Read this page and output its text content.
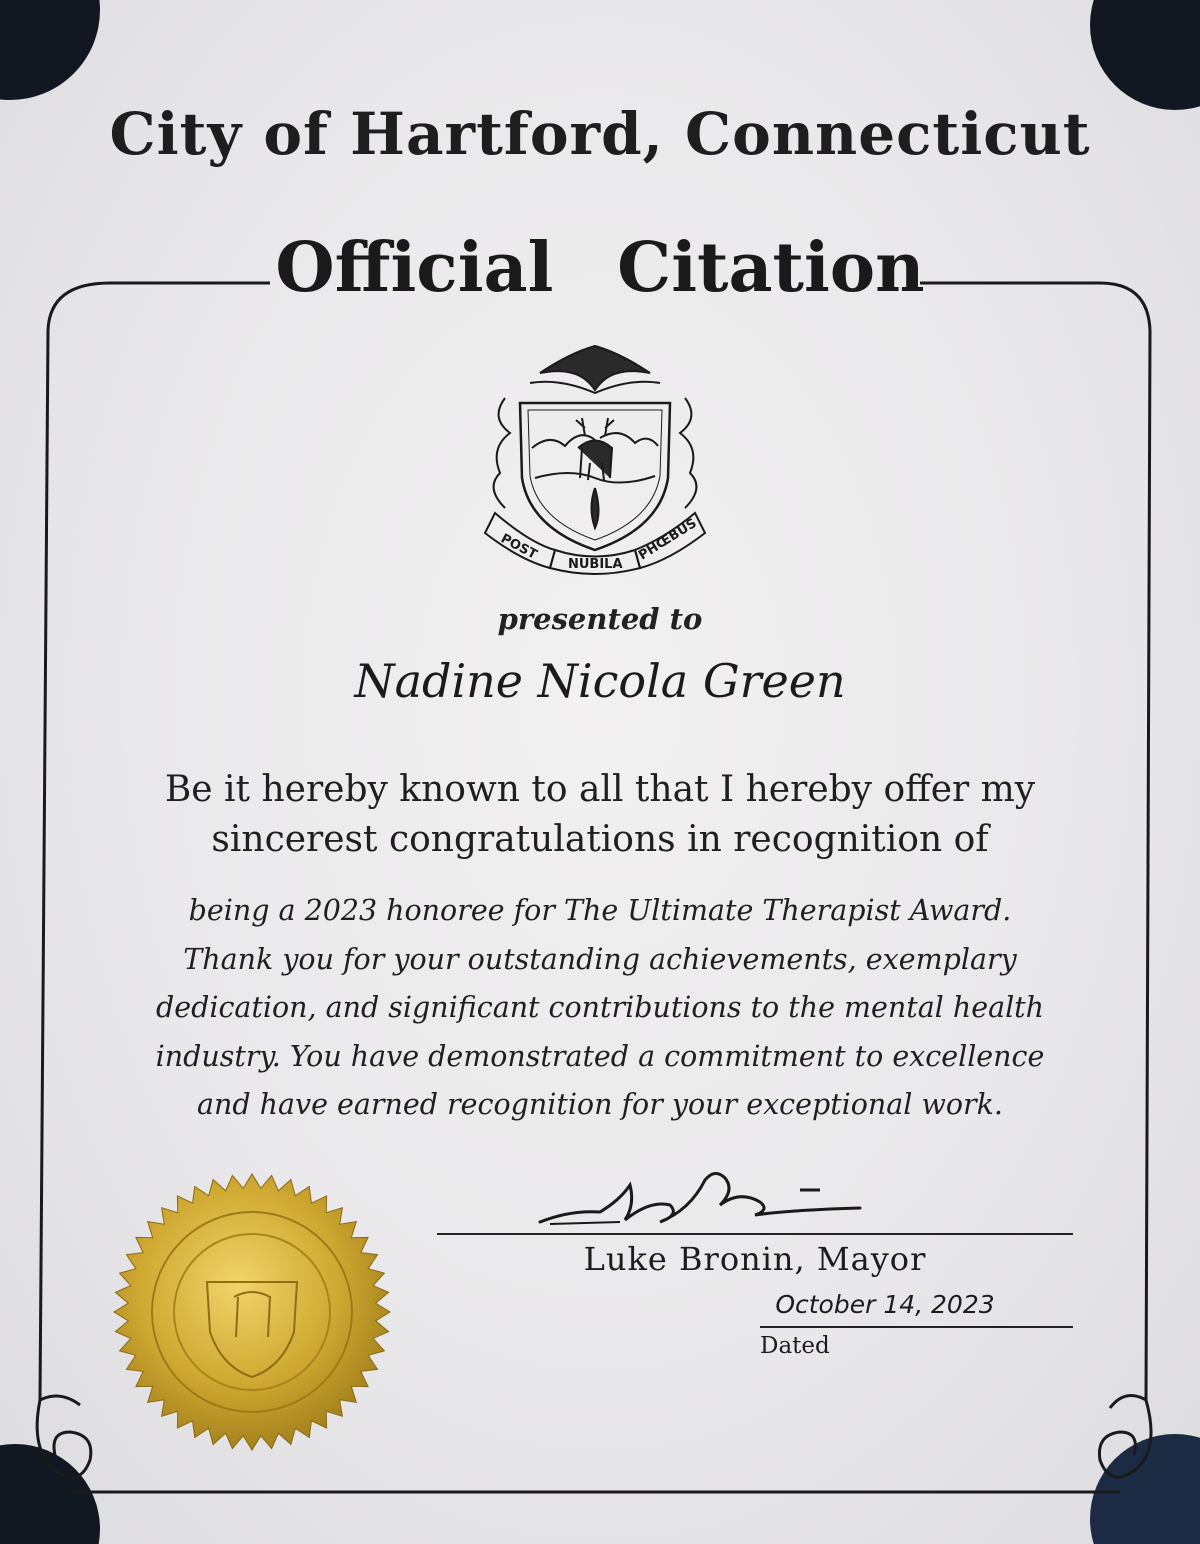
City of Hartford, Connecticut
Official Citation
POST
NUBILA
PHŒBUS
presented to
Nadine Nicola Green
Be it hereby known to all that I hereby offer my
sincerest congratulations in recognition of
being a 2023 honoree for The Ultimate Therapist Award.
Thank you for your outstanding achievements, exemplary
dedication, and significant contributions to the mental health
industry. You have demonstrated a commitment to excellence
and have earned recognition for your exceptional work.
Luke Bronin, Mayor
October 14, 2023
Dated
